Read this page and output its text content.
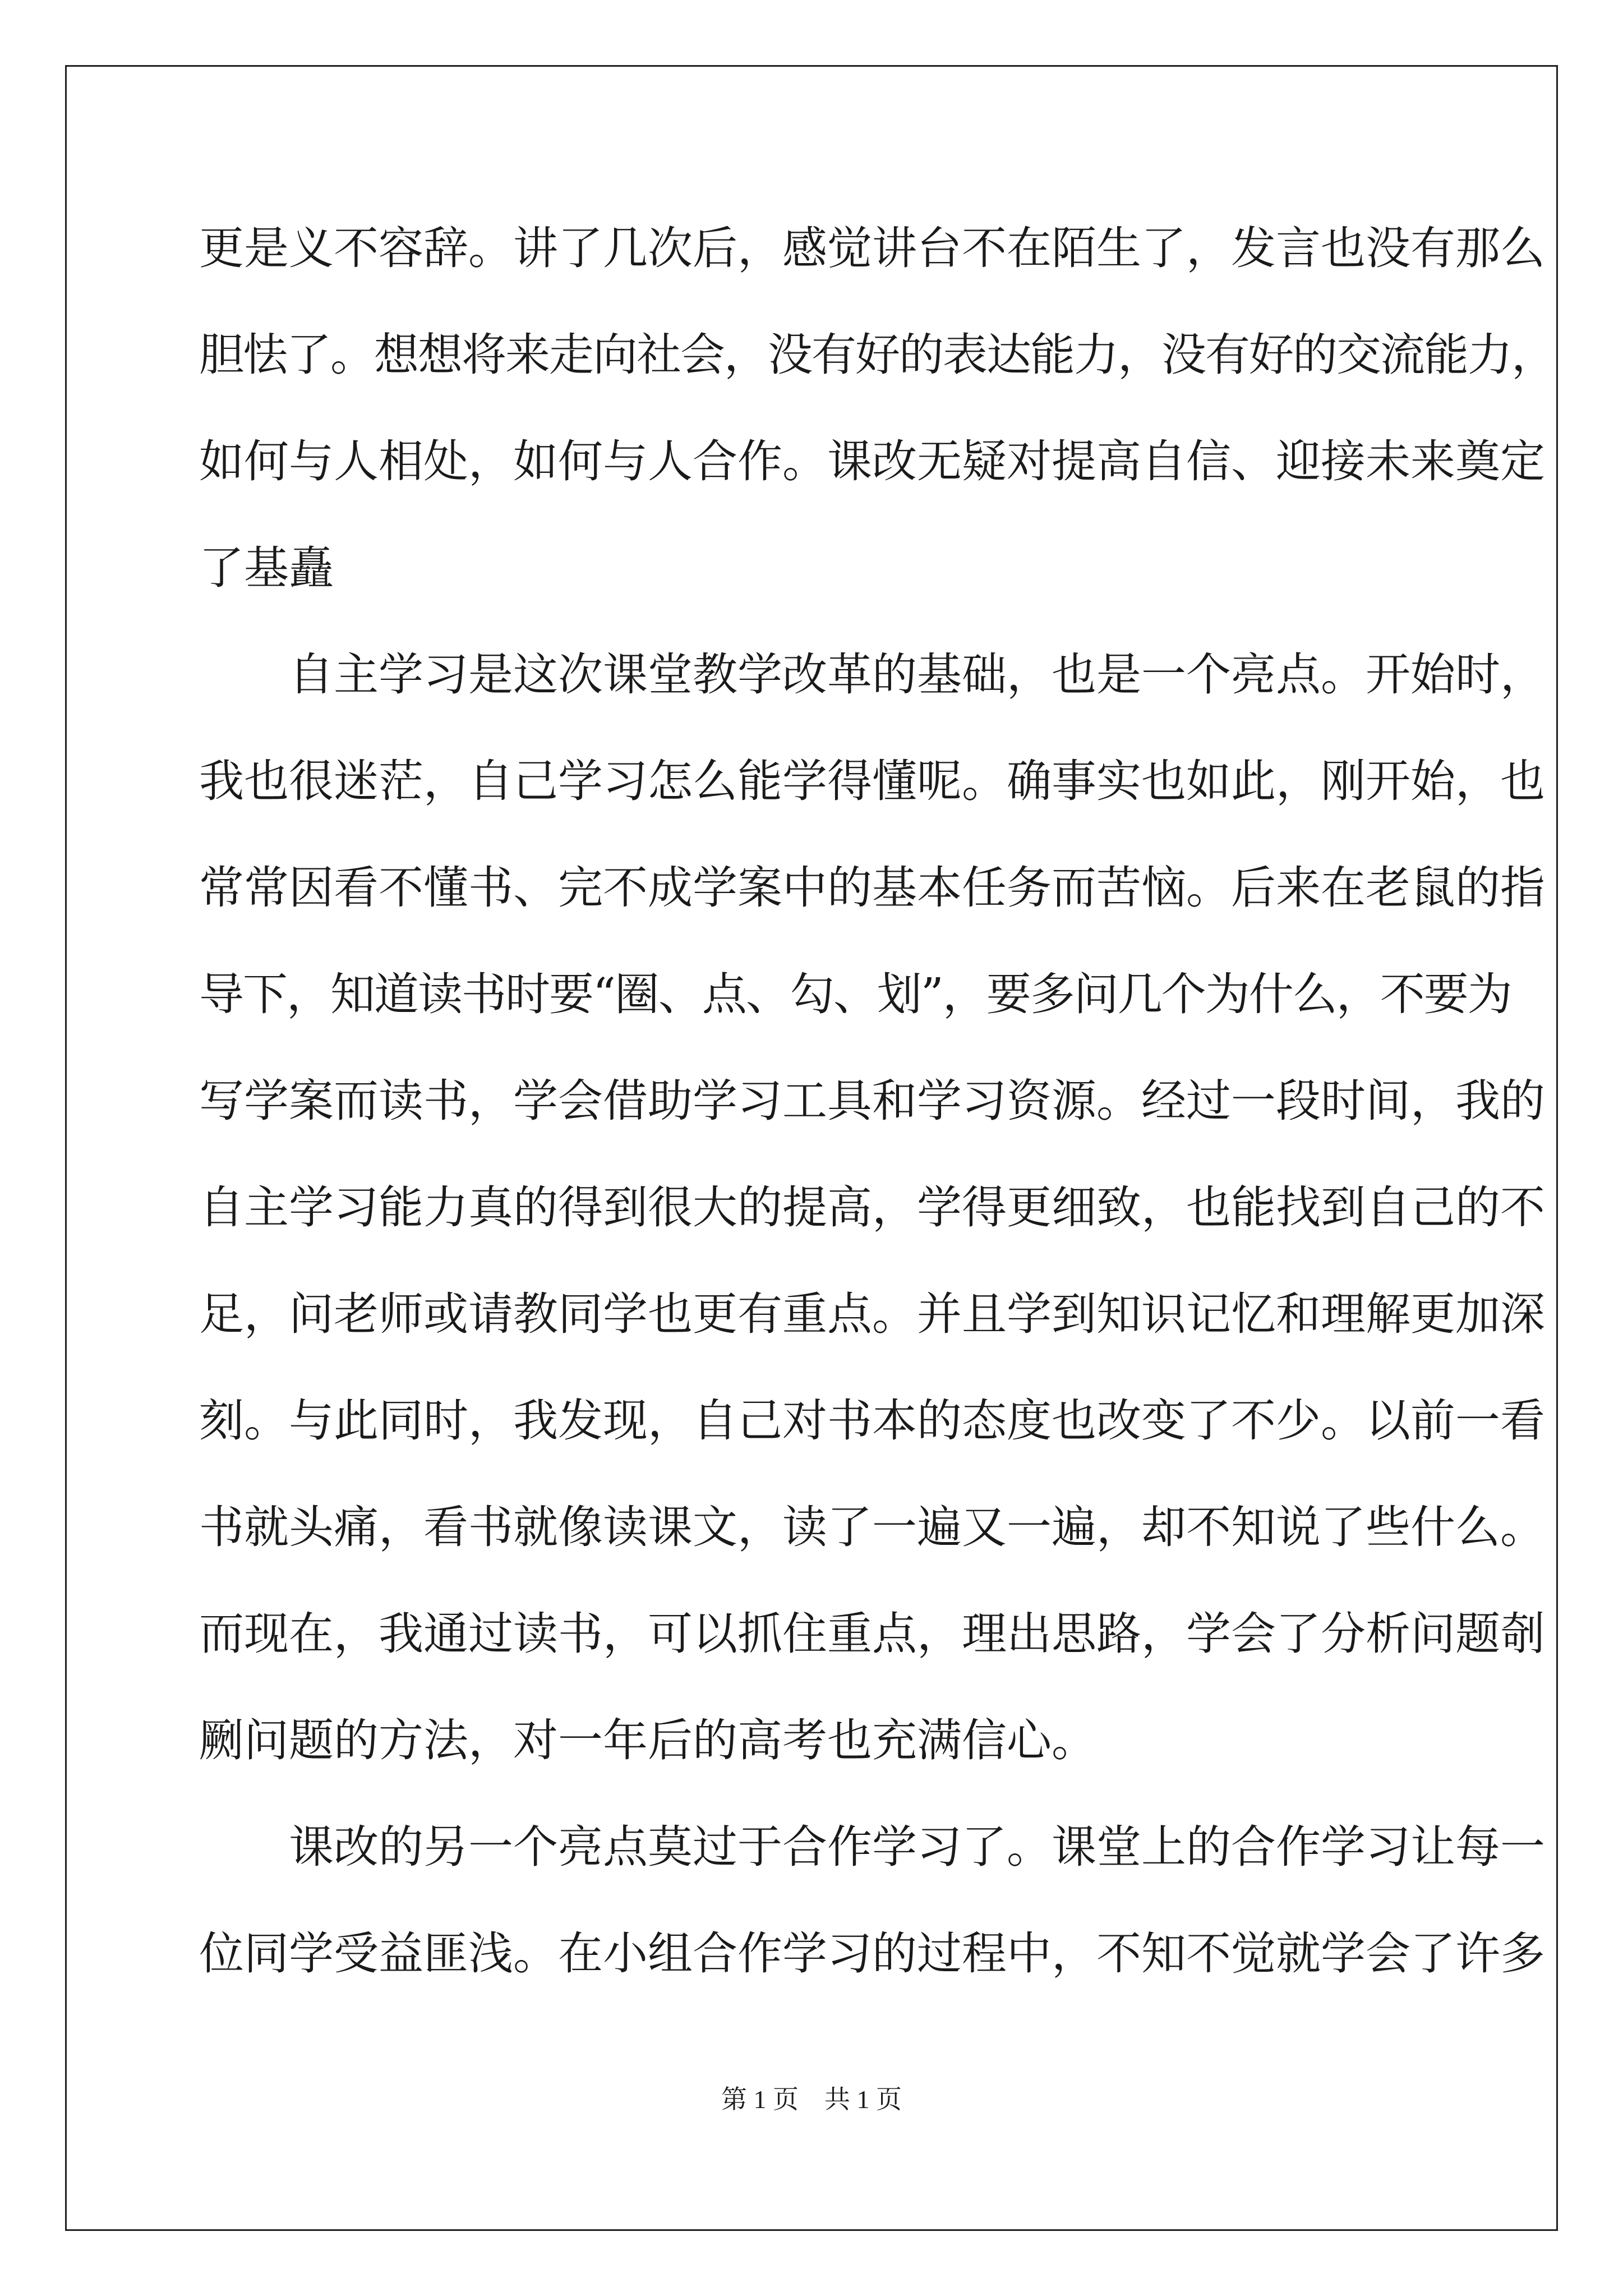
更是义不容辞。讲了几次后，感觉讲台不在陌生了，发言也没有那么
胆怯了。想想将来走向社会，没有好的表达能力，没有好的交流能力，
如何与人相处，如何与人合作。课改无疑对提高自信、迎接未来奠定
了基矗
　　自主学习是这次课堂教学改革的基础，也是一个亮点。开始时，
我也很迷茫，自己学习怎么能学得懂呢。确事实也如此，刚开始，也
常常因看不懂书、完不成学案中的基本任务而苦恼。后来在老鼠的指
导下，知道读书时要“圈、点、勾、划”，要多问几个为什么，不要为
写学案而读书，学会借助学习工具和学习资源。经过一段时间，我的
自主学习能力真的得到很大的提高，学得更细致，也能找到自己的不
足，问老师或请教同学也更有重点。并且学到知识记忆和理解更加深
刻。与此同时，我发现，自己对书本的态度也改变了不少。以前一看
书就头痛，看书就像读课文，读了一遍又一遍，却不知说了些什么。
而现在，我通过读书，可以抓住重点，理出思路，学会了分析问题剞
劂问题的方法，对一年后的高考也充满信心。
　　课改的另一个亮点莫过于合作学习了。课堂上的合作学习让每一
位同学受益匪浅。在小组合作学习的过程中，不知不觉就学会了许多
第 1 页　共 1 页
